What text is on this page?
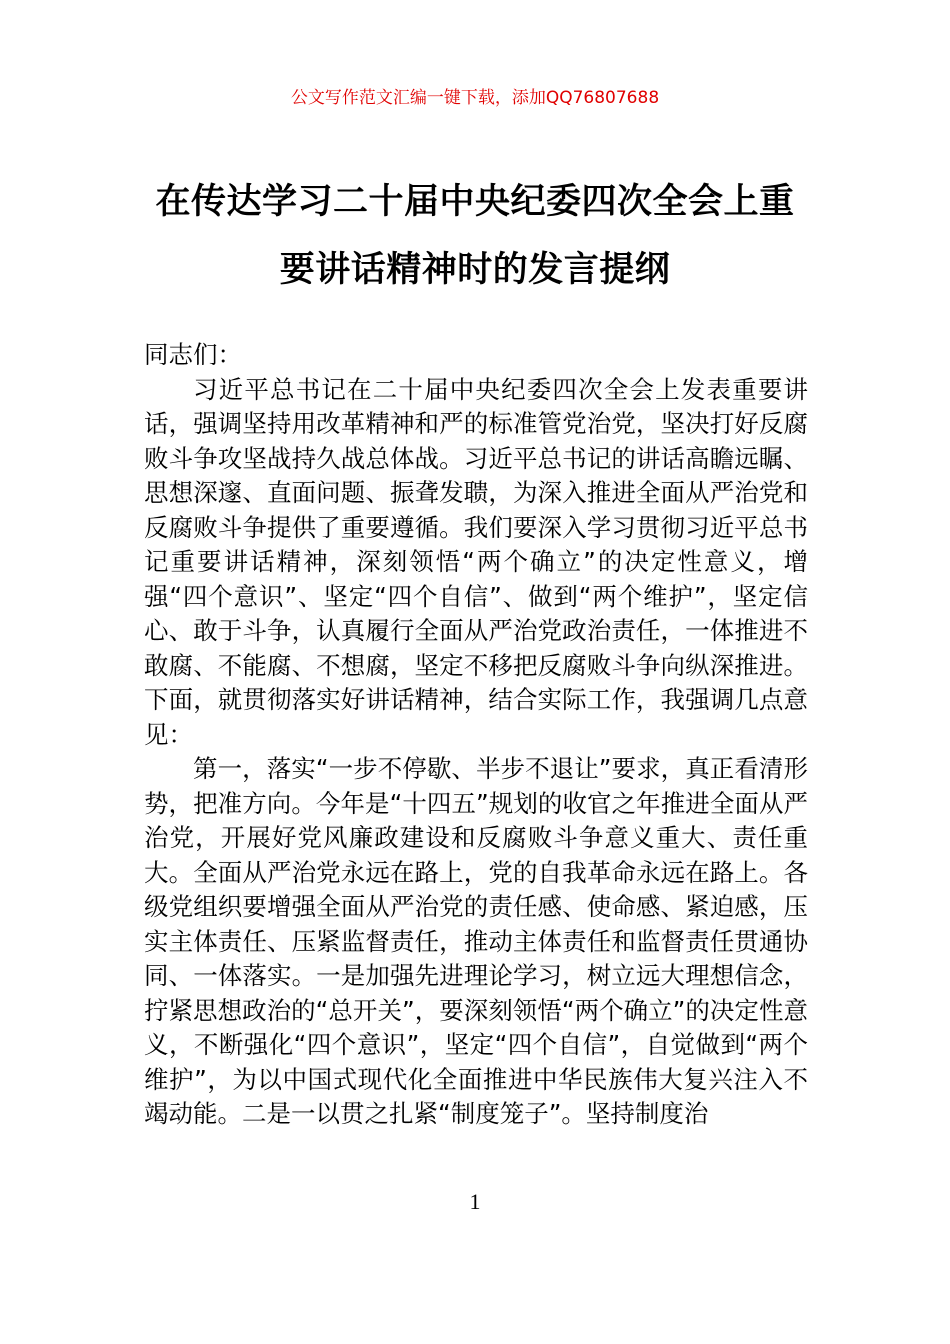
公文写作范文汇编一键下载，添加QQ76807688
在传达学习二十届中央纪委四次全会上重要讲话精神时的发言提纲

同志们：

习近平总书记在二十届中央纪委四次全会上发表重要讲话，强调坚持用改革精神和严的标准管党治党，坚决打好反腐败斗争攻坚战持久战总体战。习近平总书记的讲话高瞻远瞩、思想深邃、直面问题、振聋发聩，为深入推进全面从严治党和反腐败斗争提供了重要遵循。我们要深入学习贯彻习近平总书记重要讲话精神，深刻领悟“两个确立”的决定性意义，增强“四个意识”、坚定“四个自信”、做到“两个维护”，坚定信心、敢于斗争，认真履行全面从严治党政治责任，一体推进不敢腐、不能腐、不想腐，坚定不移把反腐败斗争向纵深推进。下面，就贯彻落实好讲话精神，结合实际工作，我强调几点意见：

第一，落实“一步不停歇、半步不退让”要求，真正看清形势，把准方向。今年是“十四五”规划的收官之年推进全面从严治党，开展好党风廉政建设和反腐败斗争意义重大、责任重大。全面从严治党永远在路上，党的自我革命永远在路上。各级党组织要增强全面从严治党的责任感、使命感、紧迫感，压实主体责任、压紧监督责任，推动主体责任和监督责任贯通协同、一体落实。一是加强先进理论学习，树立远大理想信念，拧紧思想政治的“总开关”，要深刻领悟“两个确立”的决定性意义，不断强化“四个意识”，坚定“四个自信”，自觉做到“两个维护”，为以中国式现代化全面推进中华民族伟大复兴注入不竭动能。二是一以贯之扎紧“制度笼子”。坚持制度治

1
